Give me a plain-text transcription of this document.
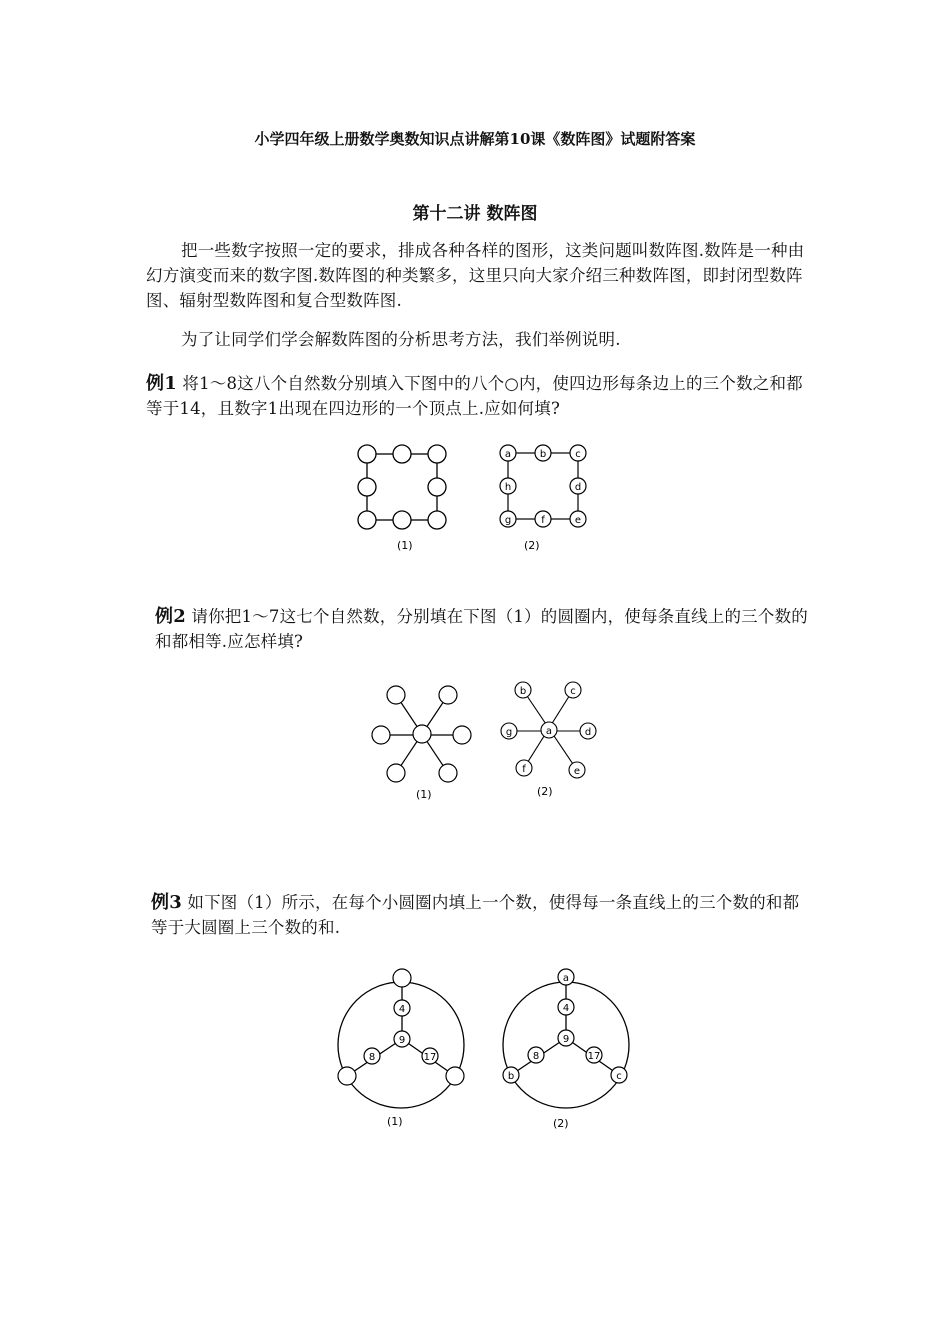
小学四年级上册数学奥数知识点讲解第10课《数阵图》试题附答案
第十二讲 数阵图
把一些数字按照一定的要求，排成各种各样的图形，这类问题叫数阵图.数阵是一种由幻方演变而来的数字图.数阵图的种类繁多，这里只向大家介绍三种数阵图，即封闭型数阵图、辐射型数阵图和复合型数阵图.
为了让同学们学会解数阵图的分析思考方法，我们举例说明.
例1 将1～8这八个自然数分别填入下图中的八个○内，使四边形每条边上的三个数之和都等于14，且数字1出现在四边形的一个顶点上.应如何填?
(1)
a	b	c
d
e
f
g
h
(2)
(1)
a
b	c
d
e
f
g
(2)
4
9
8	17
(1)
a
b	c
4
9
8	17
(2)
例2 请你把1～7这七个自然数，分别填在下图（1）的圆圈内，使每条直线上的三个数的和都相等.应怎样填?
例3 如下图（1）所示，在每个小圆圈内填上一个数，使得每一条直线上的三个数的和都等于大圆圈上三个数的和.
